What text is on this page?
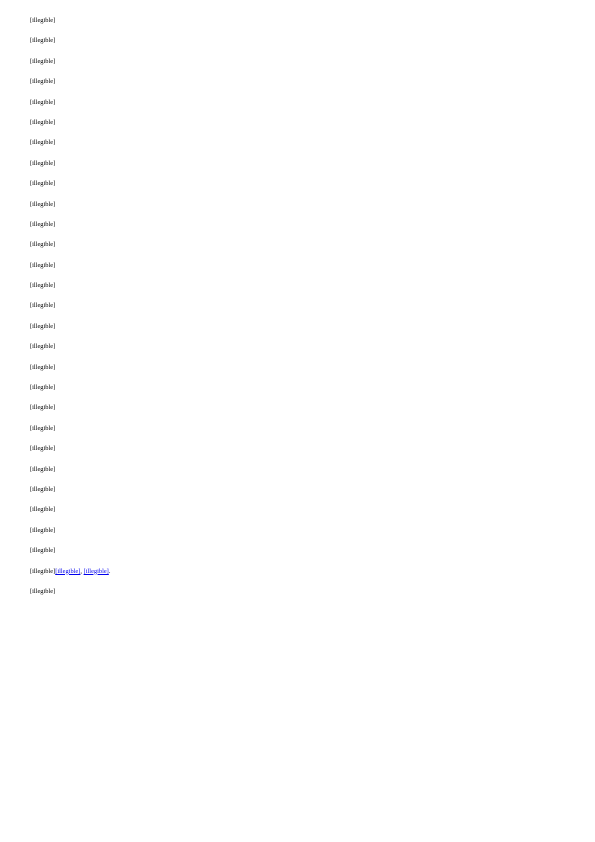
[illegible]

[illegible]

[illegible]

[illegible]

[illegible]

[illegible]

[illegible]

[illegible]

[illegible]

[illegible]

[illegible]

[illegible]

[illegible]

[illegible]

[illegible]

[illegible]

[illegible]

[illegible]

[illegible]

[illegible]

[illegible]

[illegible]

[illegible]

[illegible]

[illegible]

[illegible]

[illegible]

[illegible][illegible], [illegible].

[illegible]
